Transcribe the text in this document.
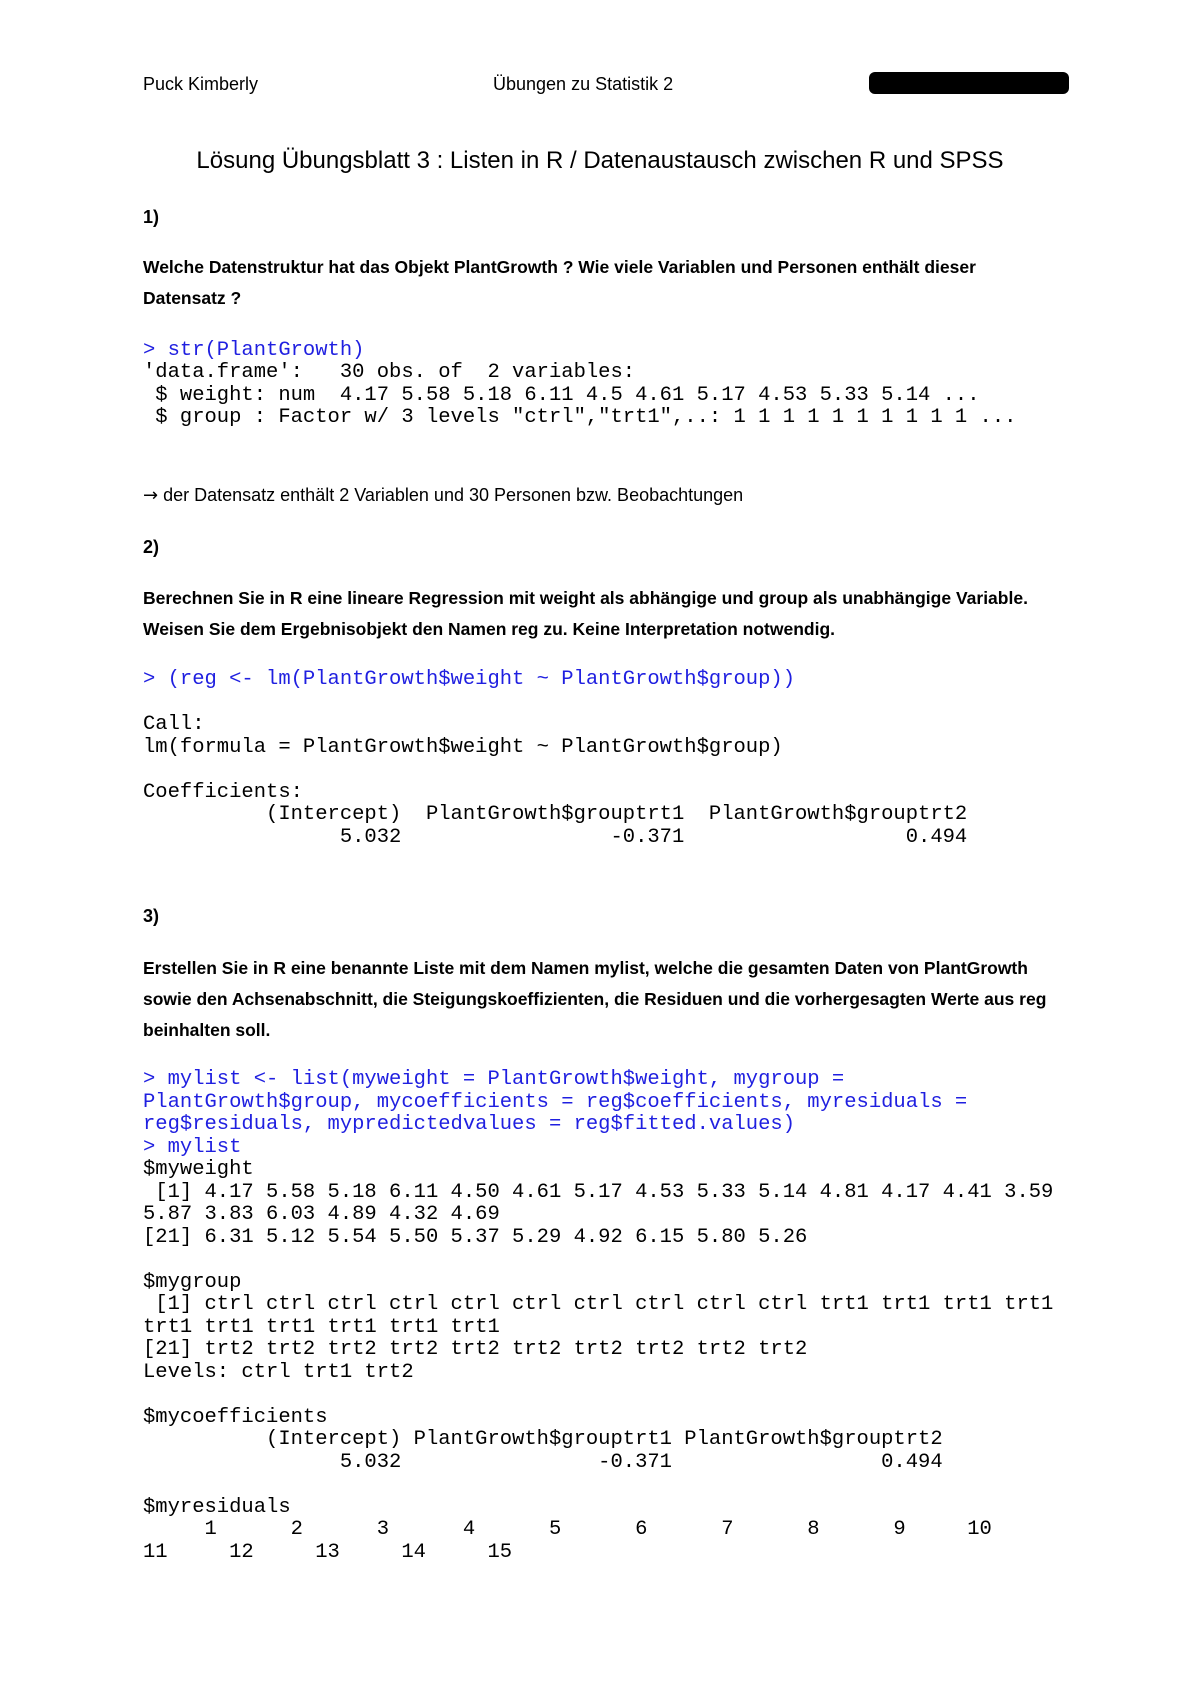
Puck Kimberly	Übungen zu Statistik 2
Lösung Übungsblatt 3 : Listen in R / Datenaustausch zwischen R und SPSS
1)
Welche Datenstruktur hat das Objekt PlantGrowth ? Wie viele Variablen und Personen enthält dieser Datensatz ?
> str(PlantGrowth)
'data.frame':   30 obs. of  2 variables:
$ weight: num  4.17 5.58 5.18 6.11 4.5 4.61 5.17 4.53 5.33 5.14 ...
$ group : Factor w/ 3 levels "ctrl","trt1",..: 1 1 1 1 1 1 1 1 1 1 ...
→ der Datensatz enthält 2 Variablen und 30 Personen bzw. Beobachtungen
2)
Berechnen Sie in R eine lineare Regression mit weight als abhängige und group als unabhängige Variable. Weisen Sie dem Ergebnisobjekt den Namen reg zu. Keine Interpretation notwendig.
> (reg <- lm(PlantGrowth$weight ~ PlantGrowth$group))
Call:
lm(formula = PlantGrowth$weight ~ PlantGrowth$group)

Coefficients:
(Intercept)  PlantGrowth$grouptrt1  PlantGrowth$grouptrt2
5.032                 -0.371                  0.494
3)
Erstellen Sie in R eine benannte Liste mit dem Namen mylist, welche die gesamten Daten von PlantGrowth sowie den Achsenabschnitt, die Steigungskoeffizienten, die Residuen und die vorhergesagten Werte aus reg beinhalten soll.
> mylist <- list(myweight = PlantGrowth$weight, mygroup =
PlantGrowth$group, mycoefficients = reg$coefficients, myresiduals =
reg$residuals, mypredictedvalues = reg$fitted.values)
> mylist
$myweight
[1] 4.17 5.58 5.18 6.11 4.50 4.61 5.17 4.53 5.33 5.14 4.81 4.17 4.41 3.59
5.87 3.83 6.03 4.89 4.32 4.69
[21] 6.31 5.12 5.54 5.50 5.37 5.29 4.92 6.15 5.80 5.26

$mygroup
[1] ctrl ctrl ctrl ctrl ctrl ctrl ctrl ctrl ctrl ctrl trt1 trt1 trt1 trt1
trt1 trt1 trt1 trt1 trt1 trt1
[21] trt2 trt2 trt2 trt2 trt2 trt2 trt2 trt2 trt2 trt2
Levels: ctrl trt1 trt2

$mycoefficients
(Intercept) PlantGrowth$grouptrt1 PlantGrowth$grouptrt2
5.032                -0.371                 0.494

$myresiduals
1      2      3      4      5      6      7      8      9     10
11     12     13     14     15
